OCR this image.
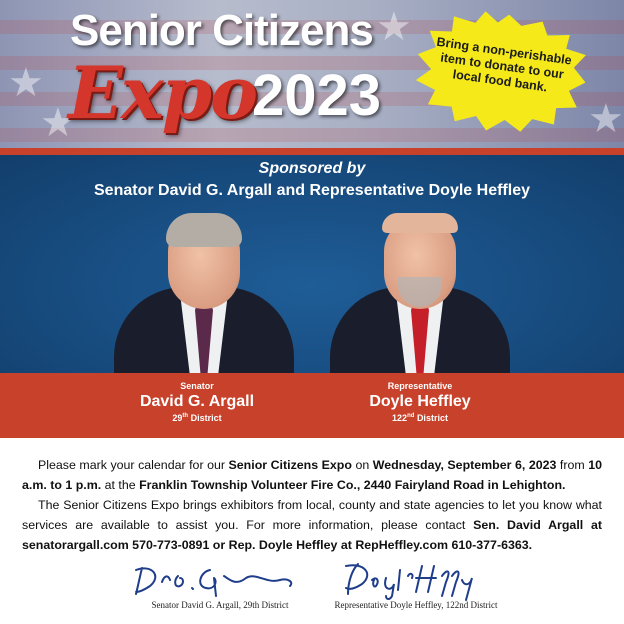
★
★
★
★
Senior Citizens
Expo
2023
Bring a non-perishable item to donate to our local food bank.
Sponsored by
Senator David G. Argall and Representative Doyle Heffley
Senator
David G. Argall
29th District
Representative
Doyle Heffley
122nd District

Please mark your calendar for our Senior Citizens Expo on Wednesday, September 6, 2023 from 10 a.m. to 1 p.m. at the Franklin Township Volunteer Fire Co., 2440 Fairyland Road in Lehighton.

The Senior Citizens Expo brings exhibitors from local, county and state agencies to let you know what services are available to assist you. For more information, please contact Sen. David Argall at senatorargall.com 570-773-0891 or Rep. Doyle Heffley at RepHeffley.com 610-377-6363.

Senator David G. Argall, 29th District	Representative Doyle Heffley, 122nd District
